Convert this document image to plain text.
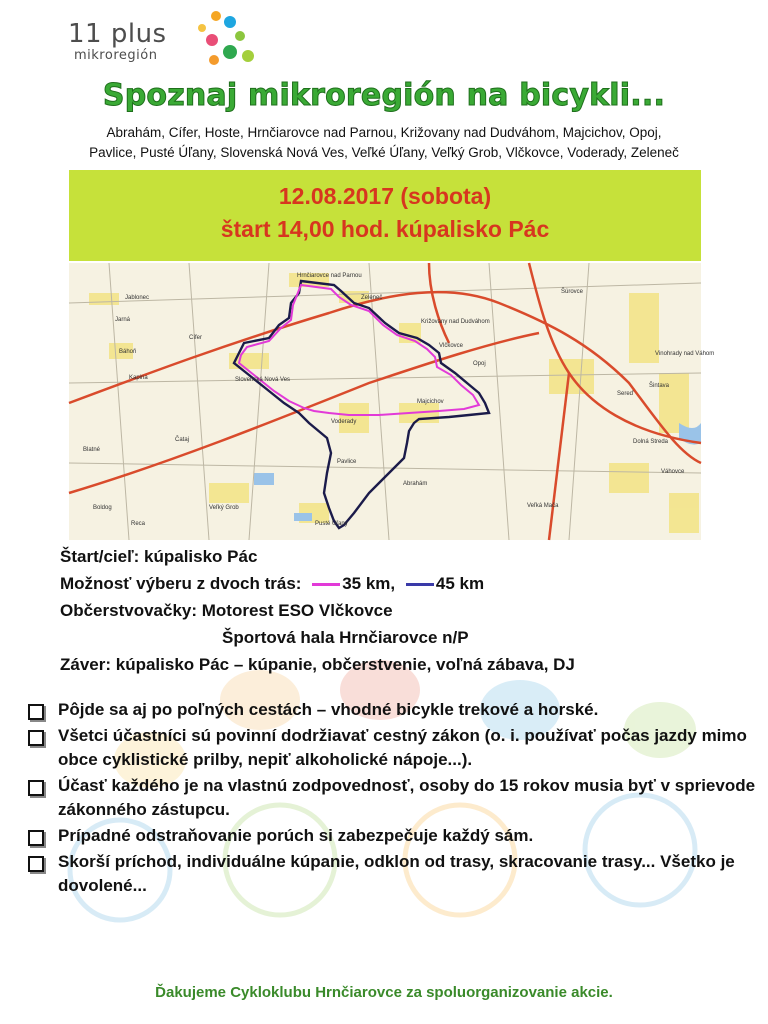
11 plus
mikroregión
Spoznaj mikroregión na bicykli...
Abrahám, Cífer, Hoste, Hrnčiarovce nad Parnou, Križovany nad Dudváhom, Majcichov, Opoj,
Pavlice, Pusté Úľany, Slovenská Nová Ves, Veľké Úľany, Veľký Grob, Vlčkovce, Voderady, Zeleneč
12.08.2017 (sobota)
štart 14,00 hod. kúpalisko Pác
Hrnčiarovce nad Parnou
Zeleneč
Šúrovce
Jablonec
Križovany nad Dudváhom
Vlčkovce
Opoj
Jarná
Cífer
Báhoň
Slovenská Nová Ves
Majcichov
Kapina
Voderady
Sereď
Šintava
Čataj	Dolná Streda
Pavlice
Blatné
Abrahám
Váhovce
Veľký Grob	Veľká Mača
Boldog
Reca	Pusté Úľany
Vinohrady nad Váhom
Štart/cieľ: kúpalisko Pác
Možnosť výberu z dvoch trás: 35 km, 45 km
Občerstvovačky: Motorest ESO Vlčkovce
Športová hala Hrnčiarovce n/P
Záver: kúpalisko Pác – kúpanie, občerstvenie, voľná zábava, DJ
Pôjde sa aj po poľných cestách – vhodné bicykle trekové a horské.
Všetci účastníci sú povinní dodržiavať cestný zákon (o. i. používať počas jazdy mimo obce cyklistické prilby, nepiť alkoholické nápoje...).
Účasť každého je na vlastnú zodpovednosť, osoby do 15 rokov musia byť v sprievode zákonného zástupcu.
Prípadné odstraňovanie porúch si zabezpečuje každý sám.
Skorší príchod, individuálne kúpanie, odklon od trasy, skracovanie trasy... Všetko je dovolené...
Ďakujeme Cykloklubu Hrnčiarovce za spoluorganizovanie akcie.
